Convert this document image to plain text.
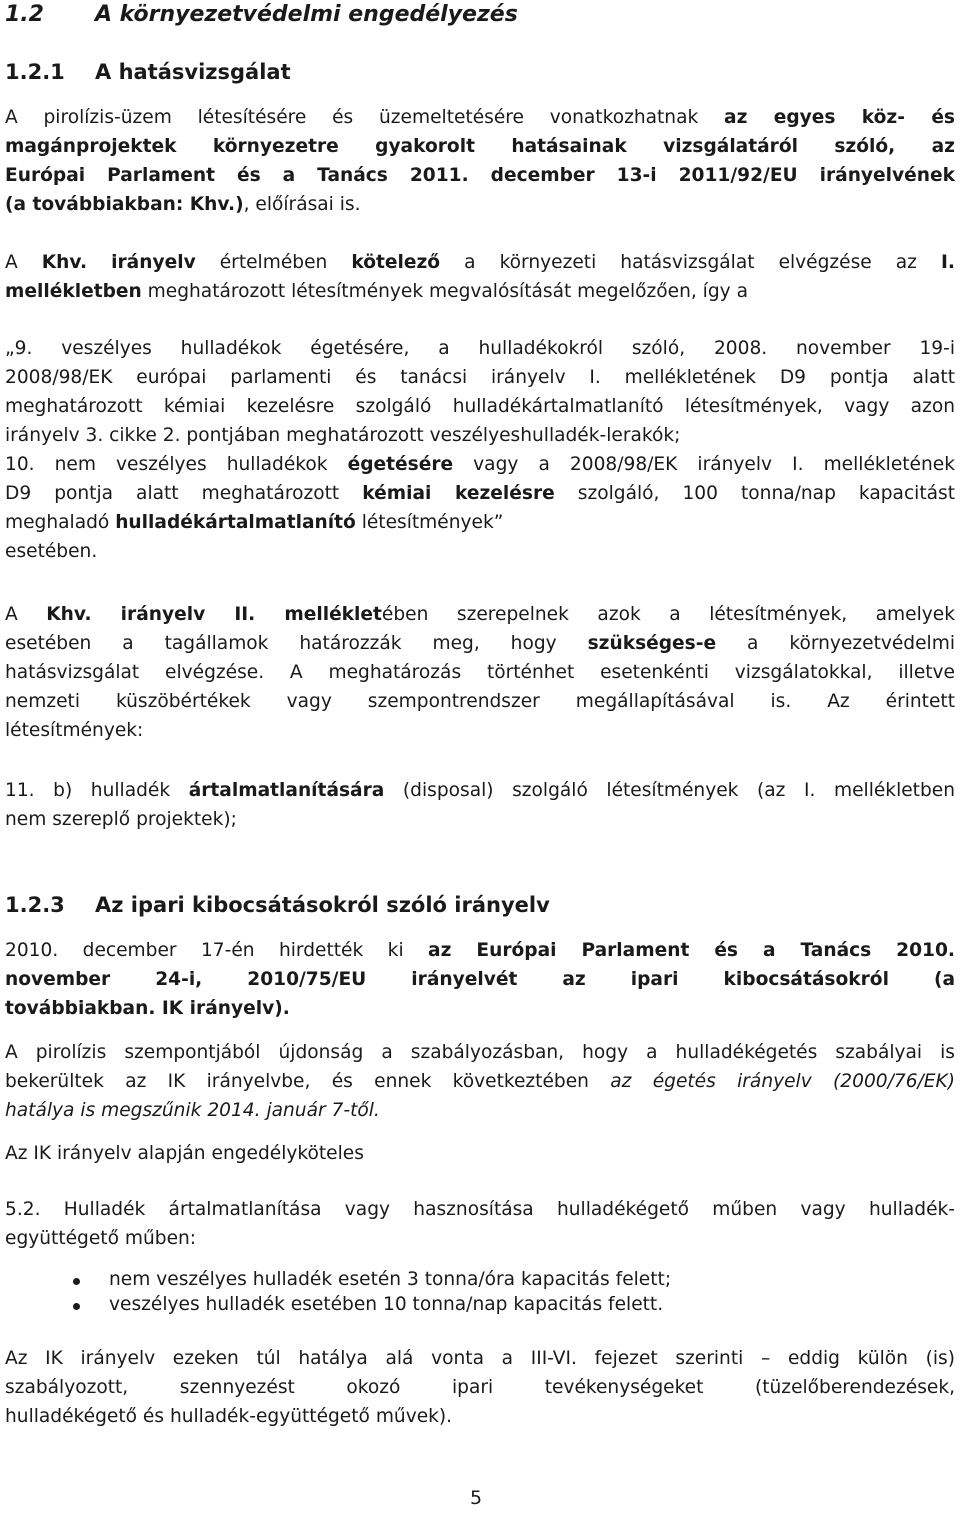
1.2 A környezetvédelmi engedélyezés
1.2.1 A hatásvizsgálat
A pirolízis-üzem létesítésére és üzemeltetésére vonatkozhatnak az egyes köz- és
magánprojektek környezetre gyakorolt hatásainak vizsgálatáról szóló, az
Európai Parlament és a Tanács 2011. december 13-i 2011/92/EU irányelvének
(a továbbiakban: Khv.), előírásai is.
A Khv. irányelv értelmében kötelező a környezeti hatásvizsgálat elvégzése az I.
mellékletben meghatározott létesítmények megvalósítását megelőzően, így a
„9. veszélyes hulladékok égetésére, a hulladékokról szóló, 2008. november 19-i
2008/98/EK európai parlamenti és tanácsi irányelv I. mellékletének D9 pontja alatt
meghatározott kémiai kezelésre szolgáló hulladékártalmatlanító létesítmények, vagy azon
irányelv 3. cikke 2. pontjában meghatározott veszélyeshulladék-lerakók;
10. nem veszélyes hulladékok égetésére vagy a 2008/98/EK irányelv I. mellékletének
D9 pontja alatt meghatározott kémiai kezelésre szolgáló, 100 tonna/nap kapacitást
meghaladó hulladékártalmatlanító létesítmények”
esetében.
A Khv. irányelv II. mellékletében szerepelnek azok a létesítmények, amelyek
esetében a tagállamok határozzák meg, hogy szükséges-e a környezetvédelmi
hatásvizsgálat elvégzése. A meghatározás történhet esetenkénti vizsgálatokkal, illetve
nemzeti küszöbértékek vagy szempontrendszer megállapításával is. Az érintett
létesítmények:
11. b) hulladék ártalmatlanítására (disposal) szolgáló létesítmények (az I. mellékletben
nem szereplő projektek);
1.2.3 Az ipari kibocsátásokról szóló irányelv
2010. december 17-én hirdették ki az Európai Parlament és a Tanács 2010.
november 24-i, 2010/75/EU irányelvét az ipari kibocsátásokról (a
továbbiakban. IK irányelv).
A pirolízis szempontjából újdonság a szabályozásban, hogy a hulladékégetés szabályai is
bekerültek az IK irányelvbe, és ennek következtében az égetés irányelv (2000/76/EK)
hatálya is megszűnik 2014. január 7-től.
Az IK irányelv alapján engedélyköteles
5.2. Hulladék ártalmatlanítása vagy hasznosítása hulladékégető műben vagy hulladék-
együttégető műben:
nem veszélyes hulladék esetén 3 tonna/óra kapacitás felett;
veszélyes hulladék esetében 10 tonna/nap kapacitás felett.
Az IK irányelv ezeken túl hatálya alá vonta a III-VI. fejezet szerinti – eddig külön (is)
szabályozott, szennyezést okozó ipari tevékenységeket (tüzelőberendezések,
hulladékégető és hulladék-együttégető művek).
5
